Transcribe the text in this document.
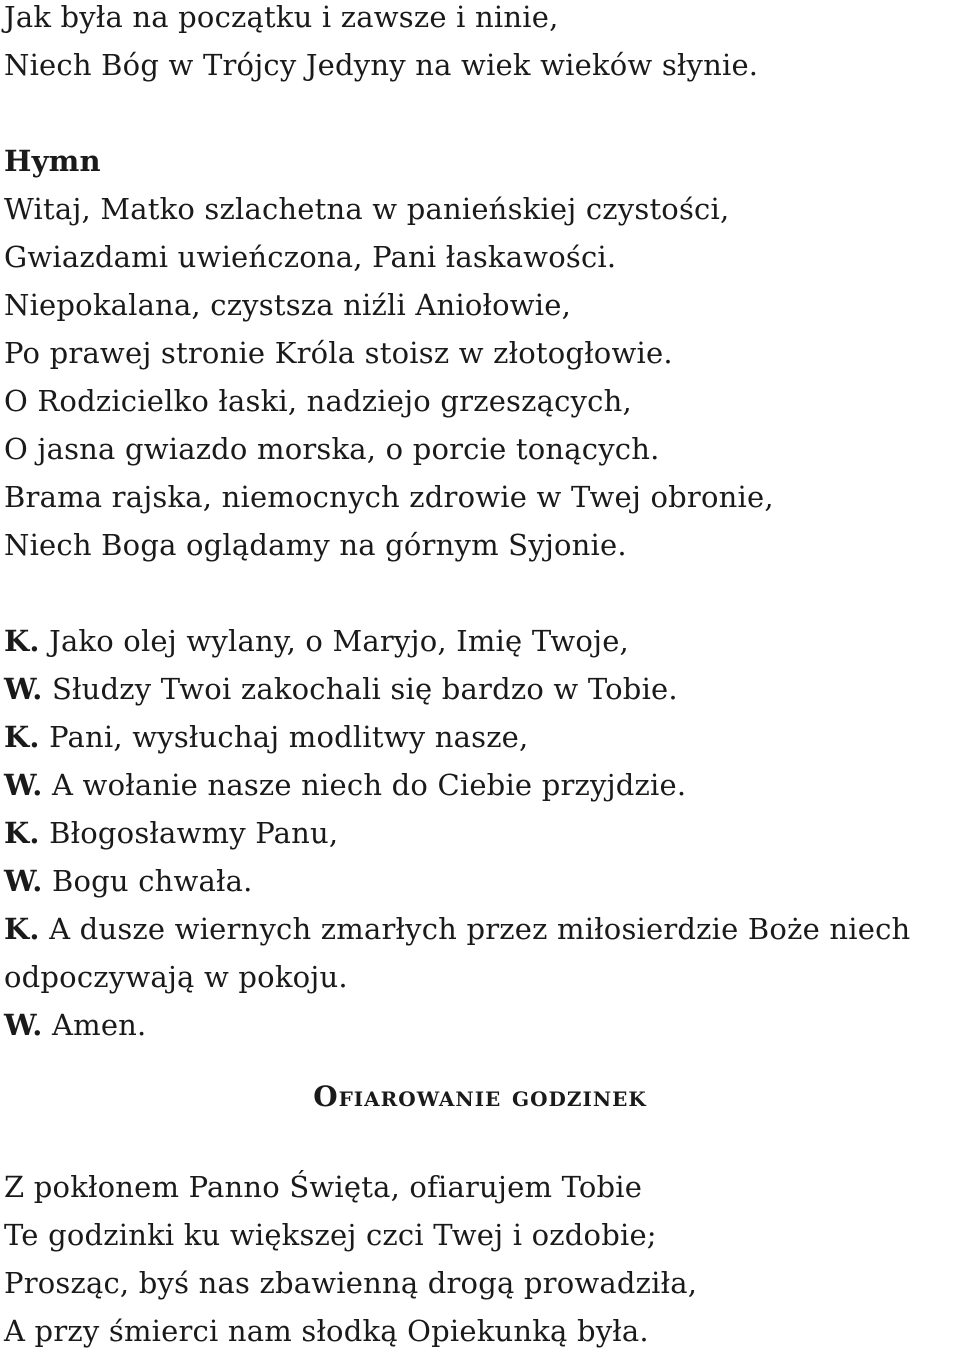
Jak była na początku i zawsze i ninie,
Niech Bóg w Trójcy Jedyny na wiek wieków słynie.
Hymn
Witaj, Matko szlachetna w panieńskiej czystości,
Gwiazdami uwieńczona, Pani łaskawości.
Niepokalana, czystsza niźli Aniołowie,
Po prawej stronie Króla stoisz w złotogłowie.
O Rodzicielko łaski, nadziejo grzeszących,
O jasna gwiazdo morska, o porcie tonących.
Brama rajska, niemocnych zdrowie w Twej obronie,
Niech Boga oglądamy na górnym Syjonie.
K. Jako olej wylany, o Maryjo, Imię Twoje,
W. Słudzy Twoi zakochali się bardzo w Tobie.
K. Pani, wysłuchaj modlitwy nasze,
W. A wołanie nasze niech do Ciebie przyjdzie.
K. Błogosławmy Panu,
W. Bogu chwała.
K. A dusze wiernych zmarłych przez miłosierdzie Boże niech
odpoczywają w pokoju.
W. Amen.
Ofiarowanie godzinek
Z pokłonem Panno Święta, ofiarujem Tobie
Te godzinki ku większej czci Twej i ozdobie;
Prosząc, byś nas zbawienną drogą prowadziła,
A przy śmierci nam słodką Opiekunką była.
